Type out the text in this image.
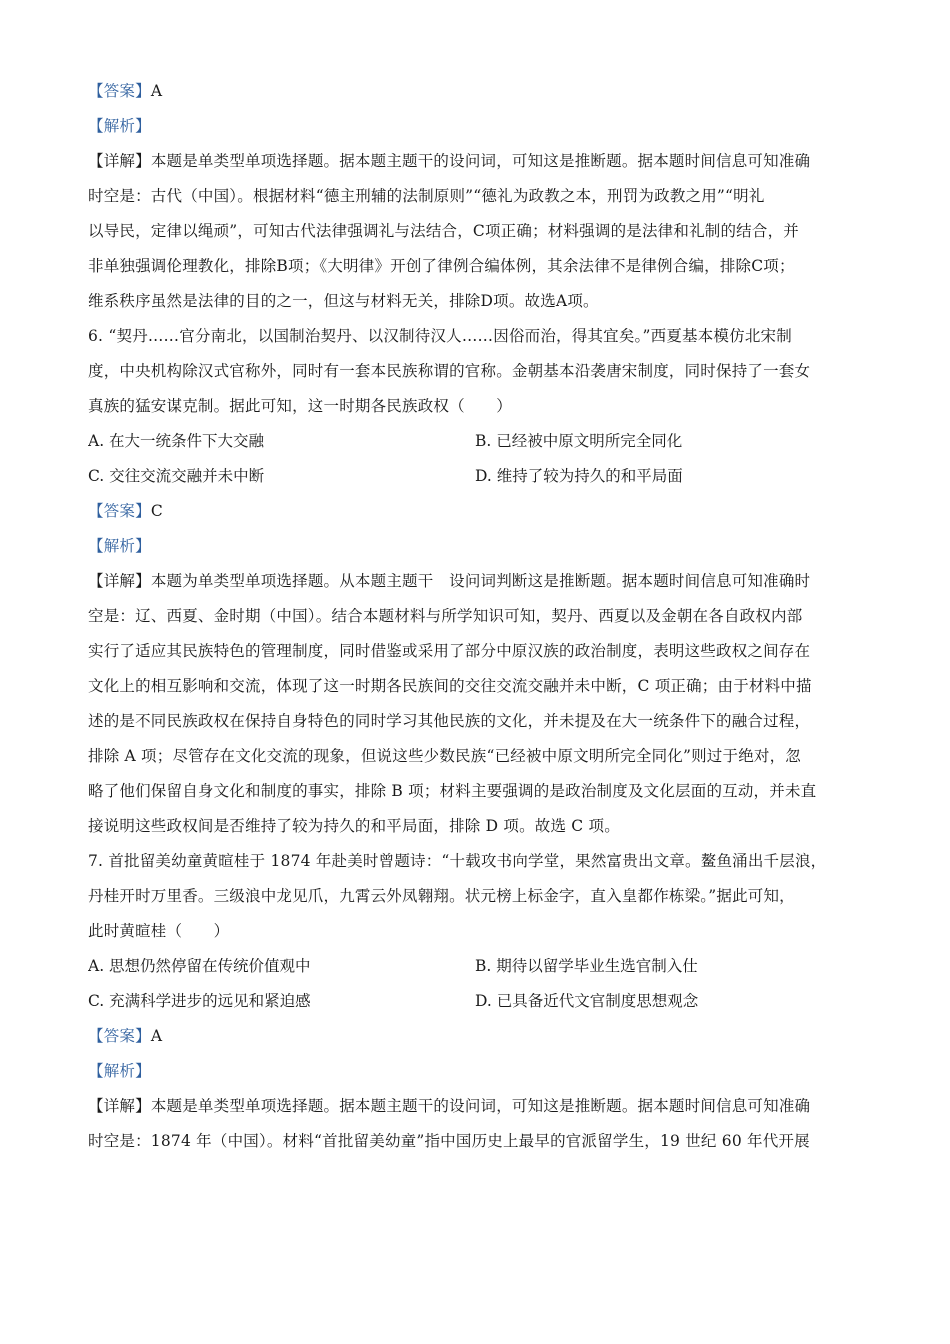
【答案】A
【解析】
【详解】本题是单类型单项选择题。据本题主题干的设问词，可知这是推断题。据本题时间信息可知准确
时空是：古代（中国）。根据材料“德主刑辅的法制原则”“德礼为政教之本，刑罚为政教之用”“明礼
以导民，定律以绳顽”，可知古代法律强调礼与法结合，C项正确；材料强调的是法律和礼制的结合，并
非单独强调伦理教化，排除B项；《大明律》开创了律例合编体例，其余法律不是律例合编，排除C项；
维系秩序虽然是法律的目的之一，但这与材料无关，排除D项。故选A项。
6. “契丹……官分南北，以国制治契丹、以汉制待汉人……因俗而治，得其宜矣。”西夏基本模仿北宋制
度，中央机构除汉式官称外，同时有一套本民族称谓的官称。金朝基本沿袭唐宋制度，同时保持了一套女
真族的猛安谋克制。据此可知，这一时期各民族政权（　　）
A. 在大一统条件下大交融	B. 已经被中原文明所完全同化
C. 交往交流交融并未中断	D. 维持了较为持久的和平局面
【答案】C
【解析】
【详解】本题为单类型单项选择题。从本题主题干　设问词判断这是推断题。据本题时间信息可知准确时
空是：辽、西夏、金时期（中国）。结合本题材料与所学知识可知，契丹、西夏以及金朝在各自政权内部
实行了适应其民族特色的管理制度，同时借鉴或采用了部分中原汉族的政治制度，表明这些政权之间存在
文化上的相互影响和交流，体现了这一时期各民族间的交往交流交融并未中断，C 项正确；由于材料中描
述的是不同民族政权在保持自身特色的同时学习其他民族的文化，并未提及在大一统条件下的融合过程，
排除 A 项；尽管存在文化交流的现象，但说这些少数民族“已经被中原文明所完全同化”则过于绝对，忽
略了他们保留自身文化和制度的事实，排除 B 项；材料主要强调的是政治制度及文化层面的互动，并未直
接说明这些政权间是否维持了较为持久的和平局面，排除 D 项。故选 C 项。
7. 首批留美幼童黄暄桂于 1874 年赴美时曾题诗：“十载攻书向学堂，果然富贵出文章。鳌鱼涌出千层浪，
丹桂开时万里香。三级浪中龙见爪，九霄云外凤翱翔。状元榜上标金字，直入皇都作栋梁。”据此可知，
此时黄暄桂（　　）
A. 思想仍然停留在传统价值观中	B. 期待以留学毕业生选官制入仕
C. 充满科学进步的远见和紧迫感	D. 已具备近代文官制度思想观念
【答案】A
【解析】
【详解】本题是单类型单项选择题。据本题主题干的设问词，可知这是推断题。据本题时间信息可知准确
时空是：1874 年（中国）。材料“首批留美幼童”指中国历史上最早的官派留学生，19 世纪 60 年代开展
